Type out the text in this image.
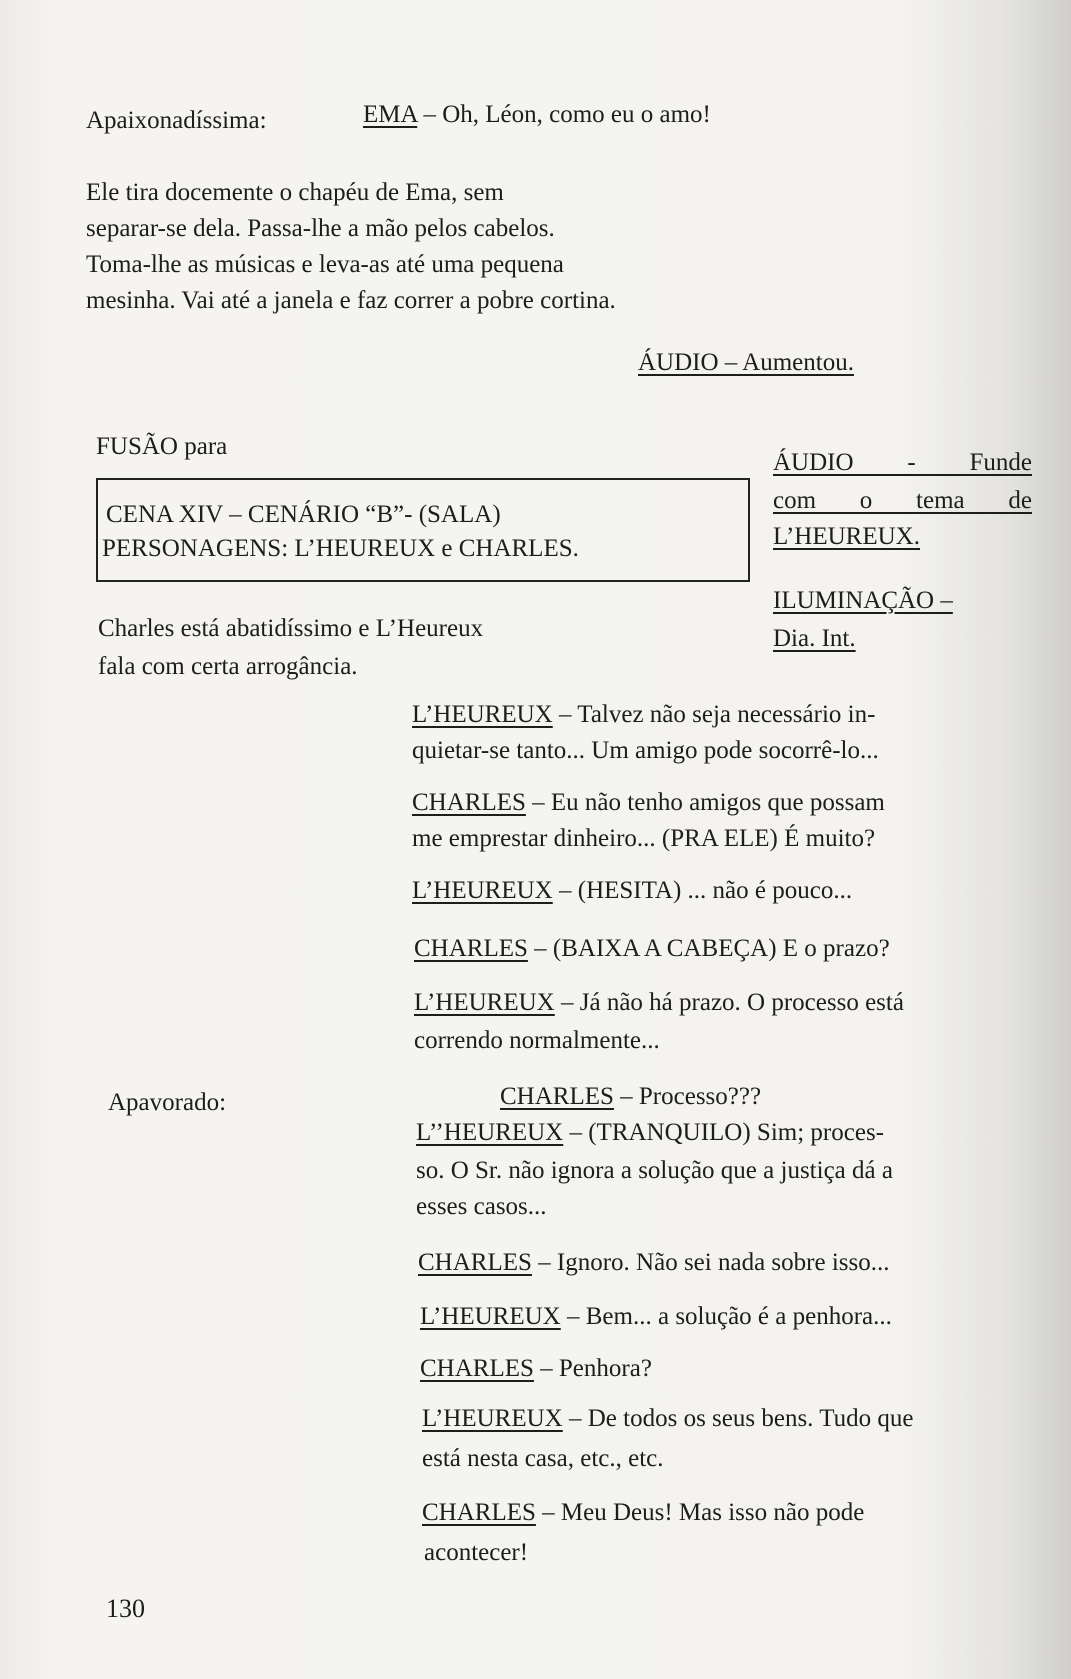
Apaixonadíssima:	EMA – Oh, Léon, como eu o amo!
Ele tira docemente o chapéu de Ema, sem
separar-se dela. Passa-lhe a mão pelos cabelos.
Toma-lhe as músicas e leva-as até uma pequena
mesinha. Vai até a janela e faz correr a pobre cortina.
ÁUDIO – Aumentou.
FUSÃO para
CENA XIV – CENÁRIO “B”- (SALA)
PERSONAGENS: L’HEUREUX e CHARLES.
ÁUDIO - Funde
com o tema de
L’HEUREUX.
ILUMINAÇÃO –
Dia. Int.
Charles está abatidíssimo e L’Heureux
fala com certa arrogância.
L’HEUREUX – Talvez não seja necessário in-
quietar-se tanto... Um amigo pode socorrê-lo...
CHARLES – Eu não tenho amigos que possam
me emprestar dinheiro... (PRA ELE) É muito?
L’HEUREUX – (HESITA) ... não é pouco...
CHARLES – (BAIXA A CABEÇA) E o prazo?
L’HEUREUX – Já não há prazo. O processo está
correndo normalmente...
Apavorado:	CHARLES – Processo???
L’’HEUREUX – (TRANQUILO) Sim; proces-
so. O Sr. não ignora a solução que a justiça dá a
esses casos...
CHARLES – Ignoro. Não sei nada sobre isso...
L’HEUREUX – Bem... a solução é a penhora...
CHARLES – Penhora?
L’HEUREUX – De todos os seus bens. Tudo que
está nesta casa, etc., etc.
CHARLES – Meu Deus! Mas isso não pode
acontecer!
130
